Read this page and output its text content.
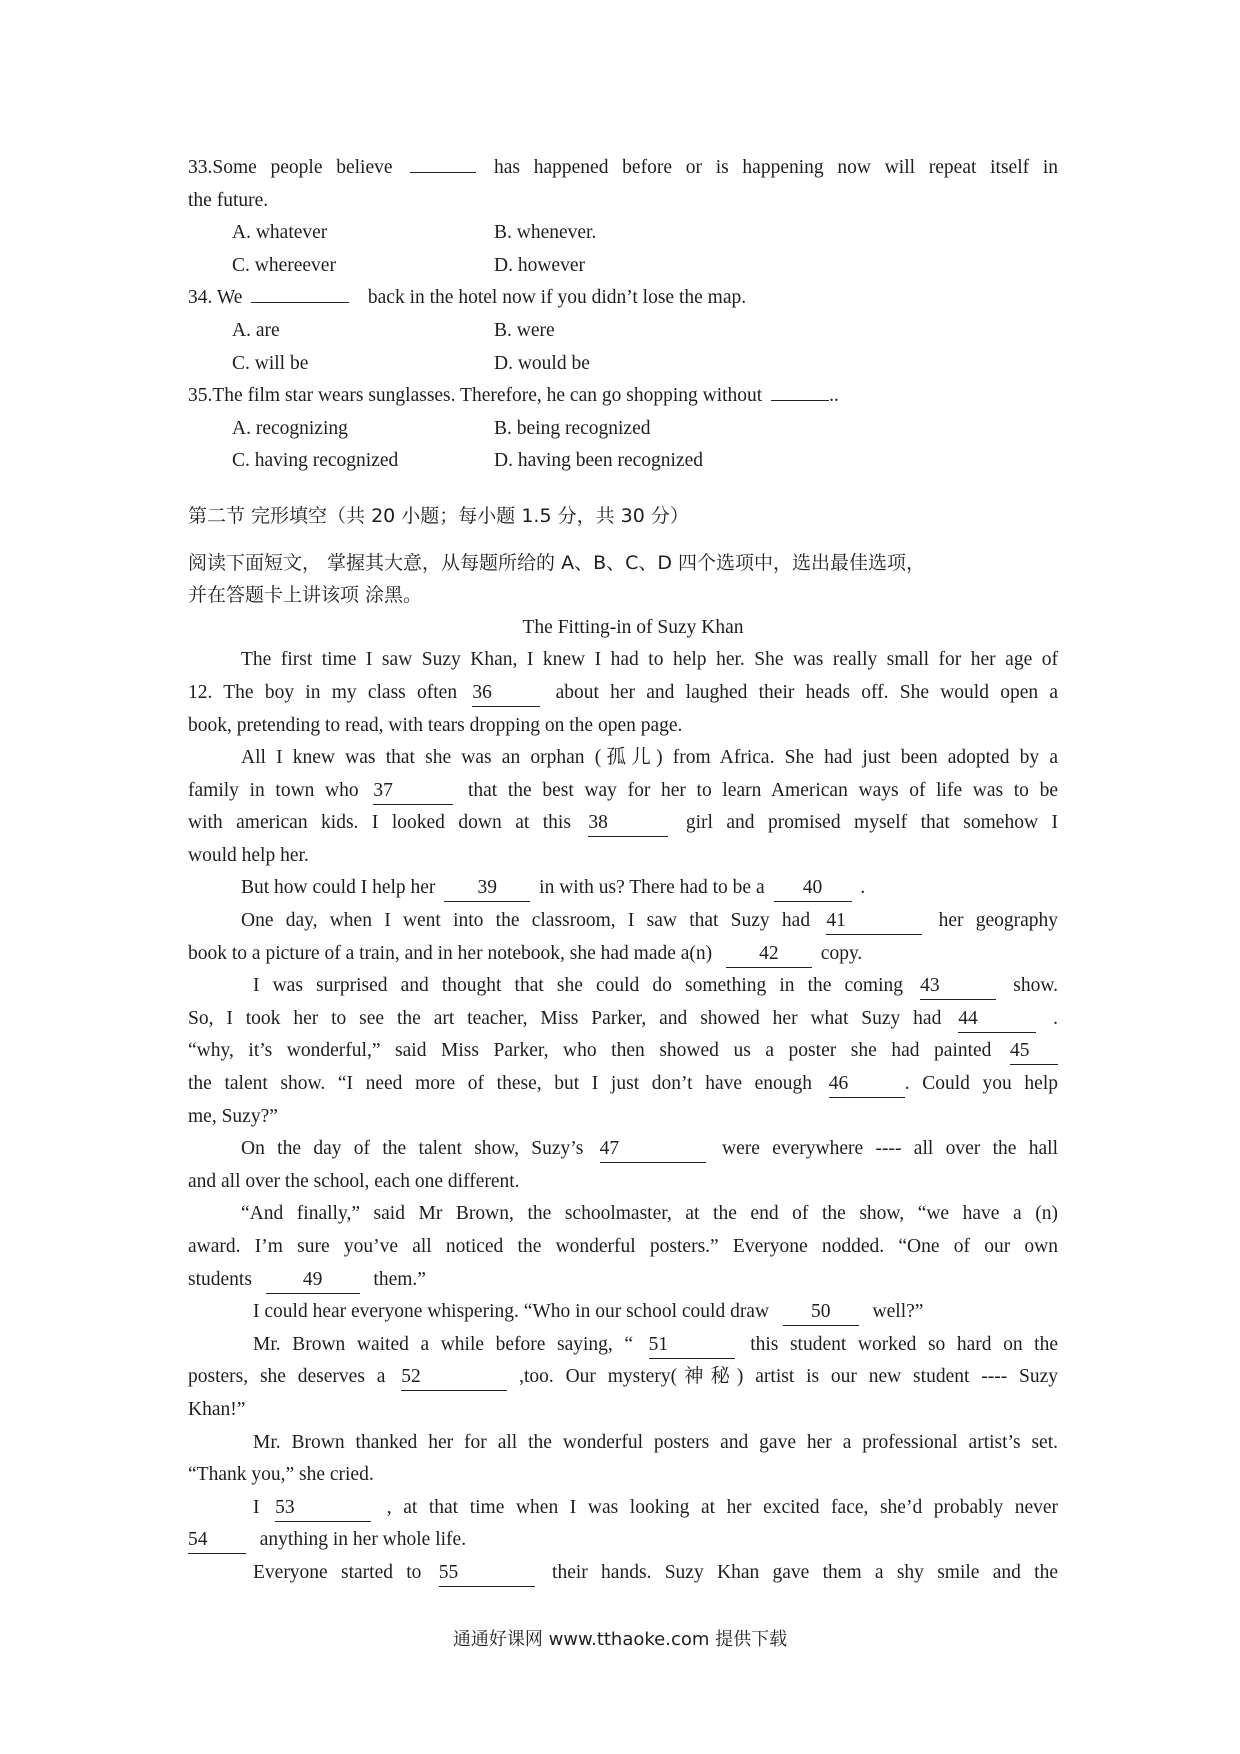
33.Some people believe	has happened before or is happening now will repeat itself in
the future.
A. whatever	B. whenever.
C. whereever	D. however
34. We	back in the hotel now if you didn’t lose the map.
A. are	B. were
C. will be	D. would be
35.The film star wears sunglasses. Therefore, he can go shopping without	..
A. recognizing	B. being recognized
C. having recognized	D. having been recognized
第二节 完形填空（共 20 小题；每小题 1.5 分，共 30 分）
阅读下面短文， 掌握其大意，从每题所给的 A、B、C、D 四个选项中，选出最佳选项，
并在答题卡上讲该项 涂黑。
The Fitting-in of Suzy Khan
The first time I saw Suzy Khan, I knew I had to help her. She was really small for her age of
12. The boy in my class often 36	about her and laughed their heads off. She would open a
book, pretending to read, with tears dropping on the open page.
All I knew was that she was an orphan (孤儿) from Africa. She had just been adopted by a
family in town who 37	that the best way for her to learn American ways of life was to be
with american kids. I looked down at this 38	girl and promised myself that somehow I
would help her.
But how could I help her 39 in with us? There had to be a 40 .
One day, when I went into the classroom, I saw that Suzy had 41	her geography
book to a picture of a train, and in her notebook, she had made a(n) 42 copy.
I was surprised and thought that she could do something in the coming 43	show.
So, I took her to see the art teacher, Miss Parker, and showed her what Suzy had 44	.
“why, it’s wonderful,” said Miss Parker, who then showed us a poster she had painted 45
the talent show. “I need more of these, but I just don’t have enough 46	. Could you help
me, Suzy?”
On the day of the talent show, Suzy’s 47	were everywhere ---- all over the hall
and all over the school, each one different.
“And finally,” said Mr Brown, the schoolmaster, at the end of the show, “we have a (n)
award. I’m sure you’ve all noticed the wonderful posters.” Everyone nodded. “One of our own
students	49	them.”
I could hear everyone whispering. “Who in our school could draw 50 well?”
Mr. Brown waited a while before saying, “ 51	this student worked so hard on the
posters, she deserves a 52	,too. Our mystery(神秘) artist is our new student ---- Suzy
Khan!”
Mr. Brown thanked her for all the wonderful posters and gave her a professional artist’s set.
“Thank you,” she cried.
I 53	, at that time when I was looking at her excited face, she’d probably never
54	anything in her whole life.
Everyone started to 55	their hands. Suzy Khan gave them a shy smile and the
通通好课网 www.tthaoke.com 提供下载
